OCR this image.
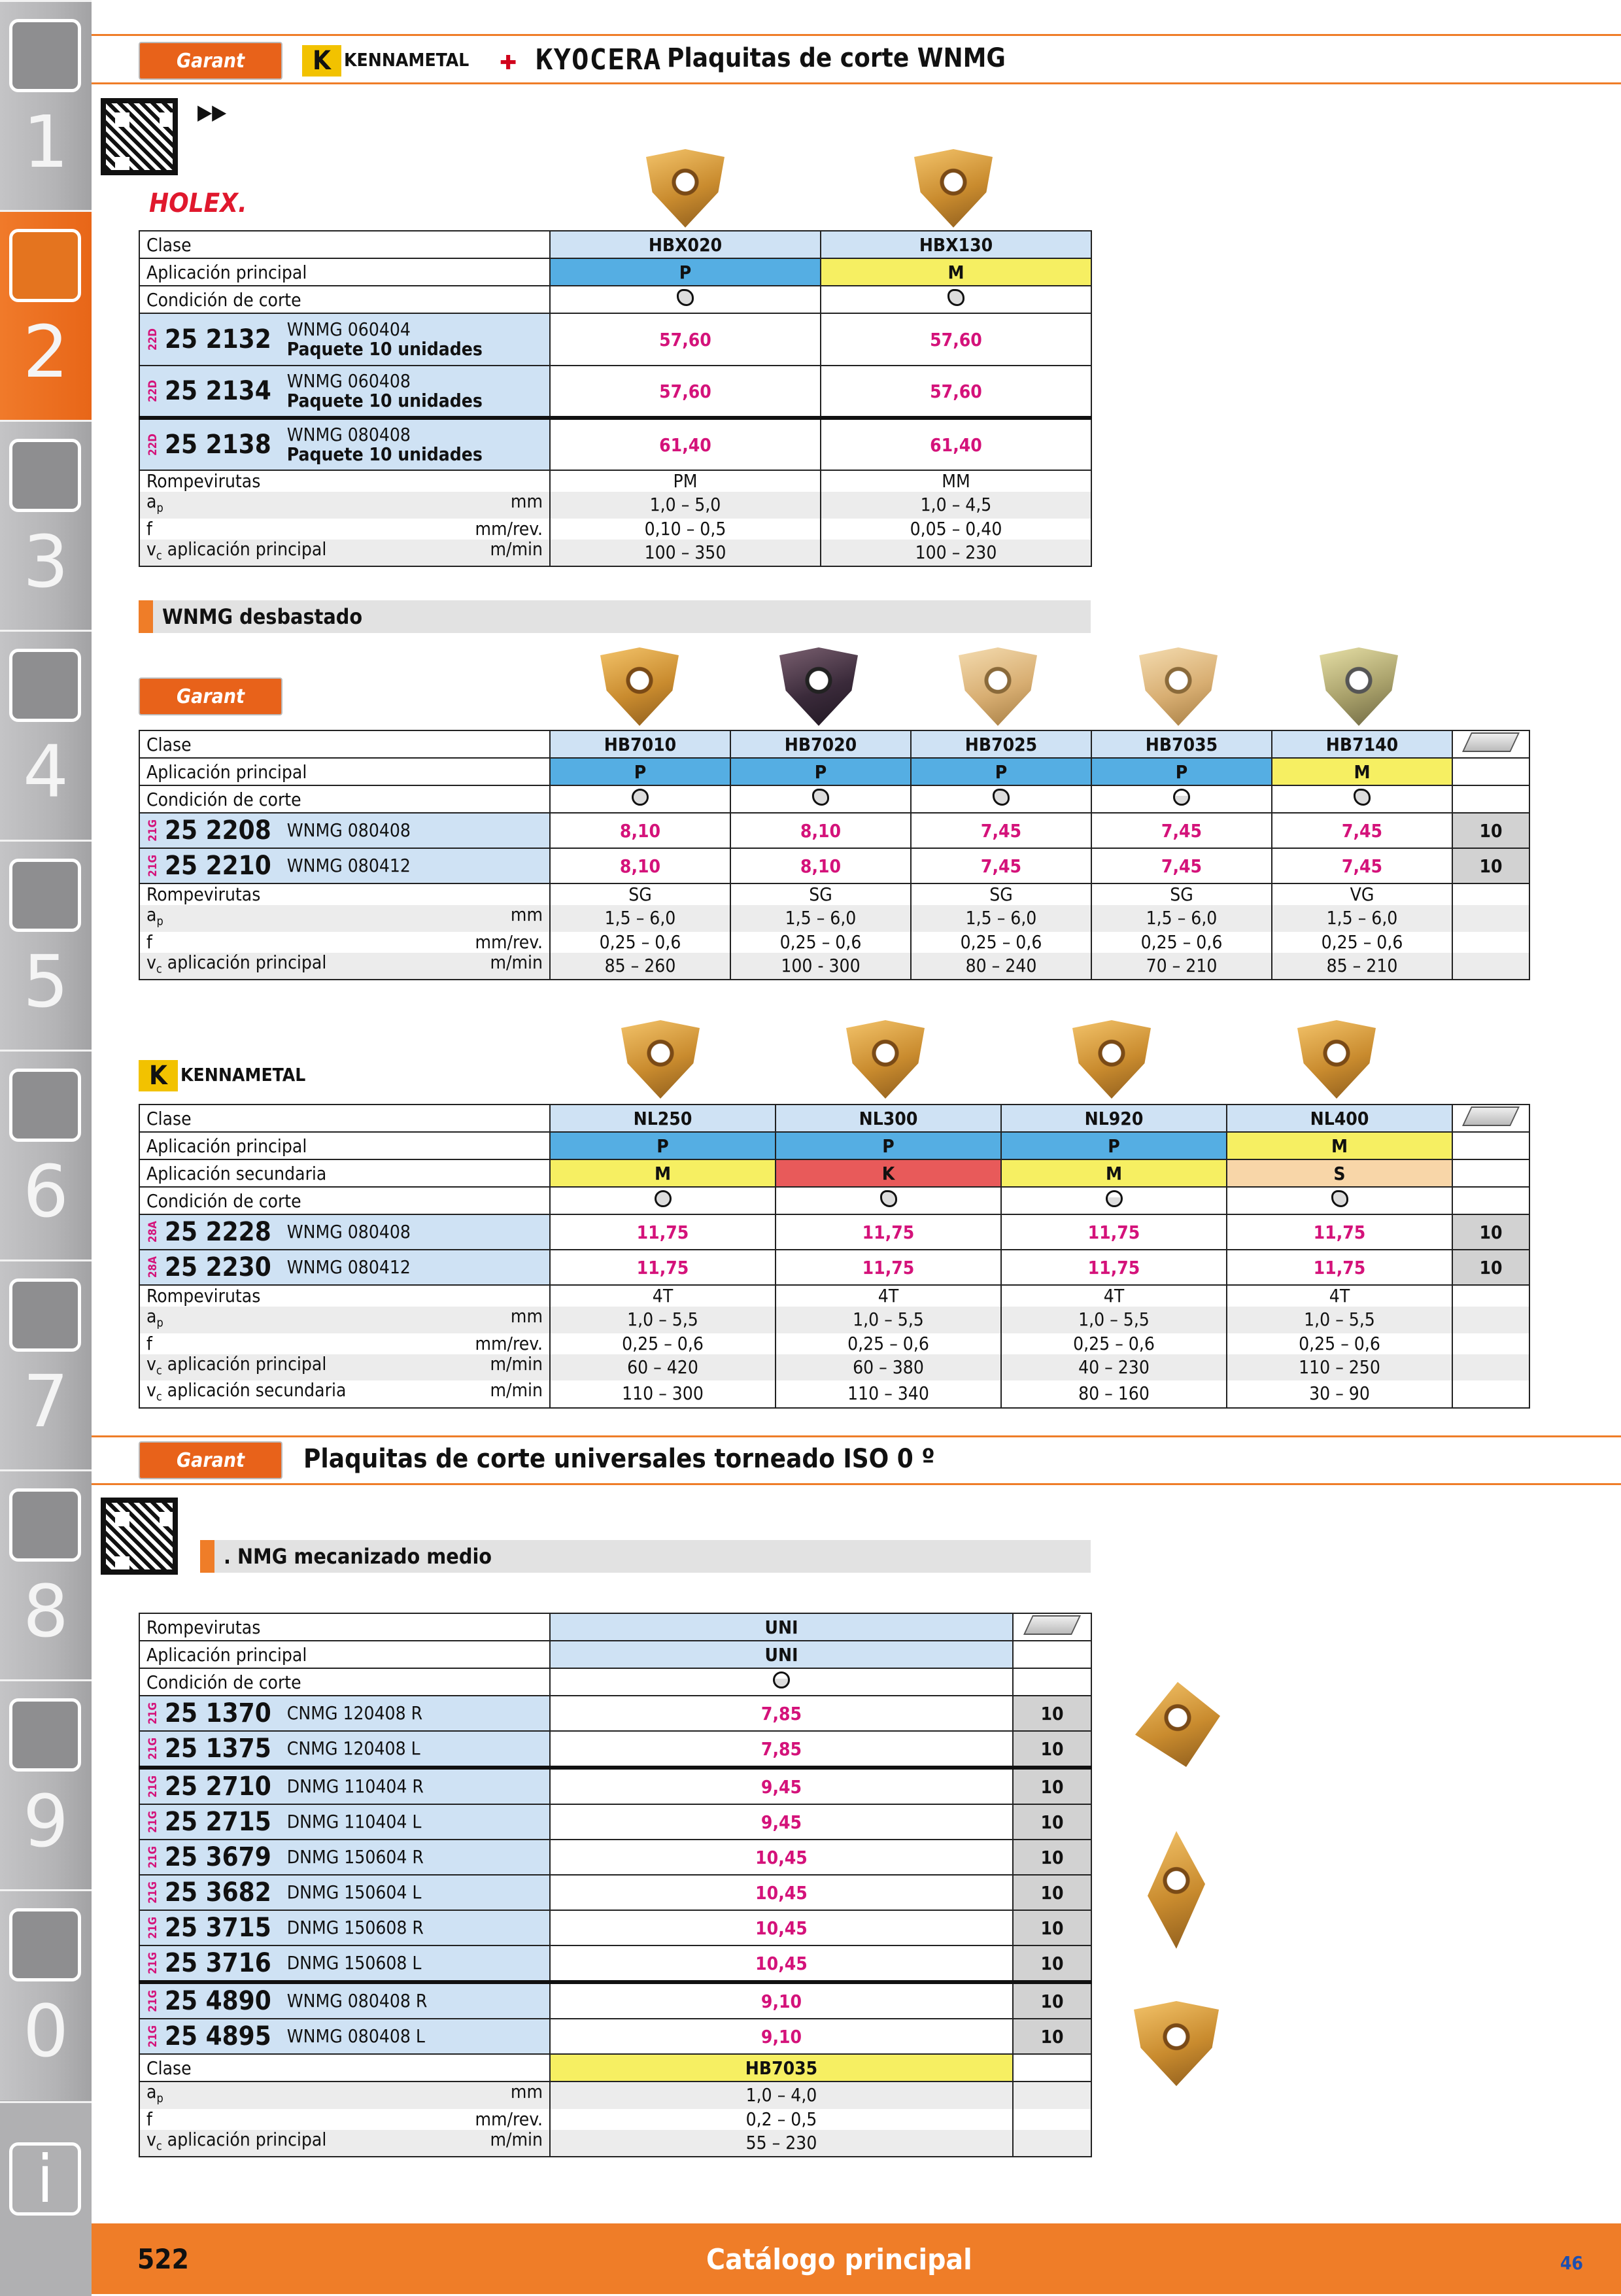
1
2
3
4
5
6
7
8
9
0
i
Garant	K KENNAMETAL ✚ KYOCERA Plaquitas de corte WNMG
▶▶
HOLEX.
Clase	HBX020	HBX130
Aplicación principal	P	M
Condición de corte		
22D 25 2132 WNMG 060404
Paquete 10 unidades	57,60	57,60
22D 25 2134 WNMG 060408
Paquete 10 unidades	57,60	57,60
22D 25 2138 WNMG 080408
Paquete 10 unidades	61,40	61,40
Rompevirutas	PM	MM
$a_p$ mm	1,0 – 5,0	1,0 – 4,5
f mm/rev.	0,10 – 0,5	0,05 – 0,40
$v_c$ aplicación principal m/min	100 – 350	100 – 230
WNMG desbastado
Garant
Clase	HB7010	HB7020	HB7025	HB7035	HB7140	
Aplicación principal	P	P	P	P	M	
Condición de corte						
21G 25 2208 WNMG 080408	8,10	8,10	7,45	7,45	7,45	10
21G 25 2210 WNMG 080412	8,10	8,10	7,45	7,45	7,45	10
Rompevirutas	SG	SG	SG	SG	VG	
$a_p$ mm	1,5 – 6,0	1,5 – 6,0	1,5 – 6,0	1,5 – 6,0	1,5 – 6,0	
f mm/rev.	0,25 – 0,6	0,25 – 0,6	0,25 – 0,6	0,25 – 0,6	0,25 – 0,6	
$v_c$ aplicación principal m/min	85 – 260	100 - 300	80 – 240	70 – 210	85 – 210	
K KENNAMETAL
Clase	NL250	NL300	NL920	NL400	
Aplicación principal	P	P	P	M	
Aplicación secundaria	M	K	M	S	
Condición de corte					
28A 25 2228 WNMG 080408	11,75	11,75	11,75	11,75	10
28A 25 2230 WNMG 080412	11,75	11,75	11,75	11,75	10
Rompevirutas	4T	4T	4T	4T	
$a_p$ mm	1,0 – 5,5	1,0 – 5,5	1,0 – 5,5	1,0 – 5,5	
f mm/rev.	0,25 – 0,6	0,25 – 0,6	0,25 – 0,6	0,25 – 0,6	
$v_c$ aplicación principal m/min	60 – 420	60 – 380	40 – 230	110 – 250	
$v_c$ aplicación secundaria m/min	110 – 300	110 – 340	80 – 160	30 – 90	
Garant	Plaquitas de corte universales torneado ISO 0 º
. NMG mecanizado medio
Rompevirutas	UNI	
Aplicación principal	UNI	
Condición de corte		
21G 25 1370 CNMG 120408 R	7,85	10
21G 25 1375 CNMG 120408 L	7,85	10
21G 25 2710 DNMG 110404 R	9,45	10
21G 25 2715 DNMG 110404 L	9,45	10
21G 25 3679 DNMG 150604 R	10,45	10
21G 25 3682 DNMG 150604 L	10,45	10
21G 25 3715 DNMG 150608 R	10,45	10
21G 25 3716 DNMG 150608 L	10,45	10
21G 25 4890 WNMG 080408 R	9,10	10
21G 25 4895 WNMG 080408 L	9,10	10
Clase	HB7035	
$a_p$ mm	1,0 – 4,0	
f mm/rev.	0,2 – 0,5	
$v_c$ aplicación principal m/min	55 – 230	
522	Catálogo principal	46
